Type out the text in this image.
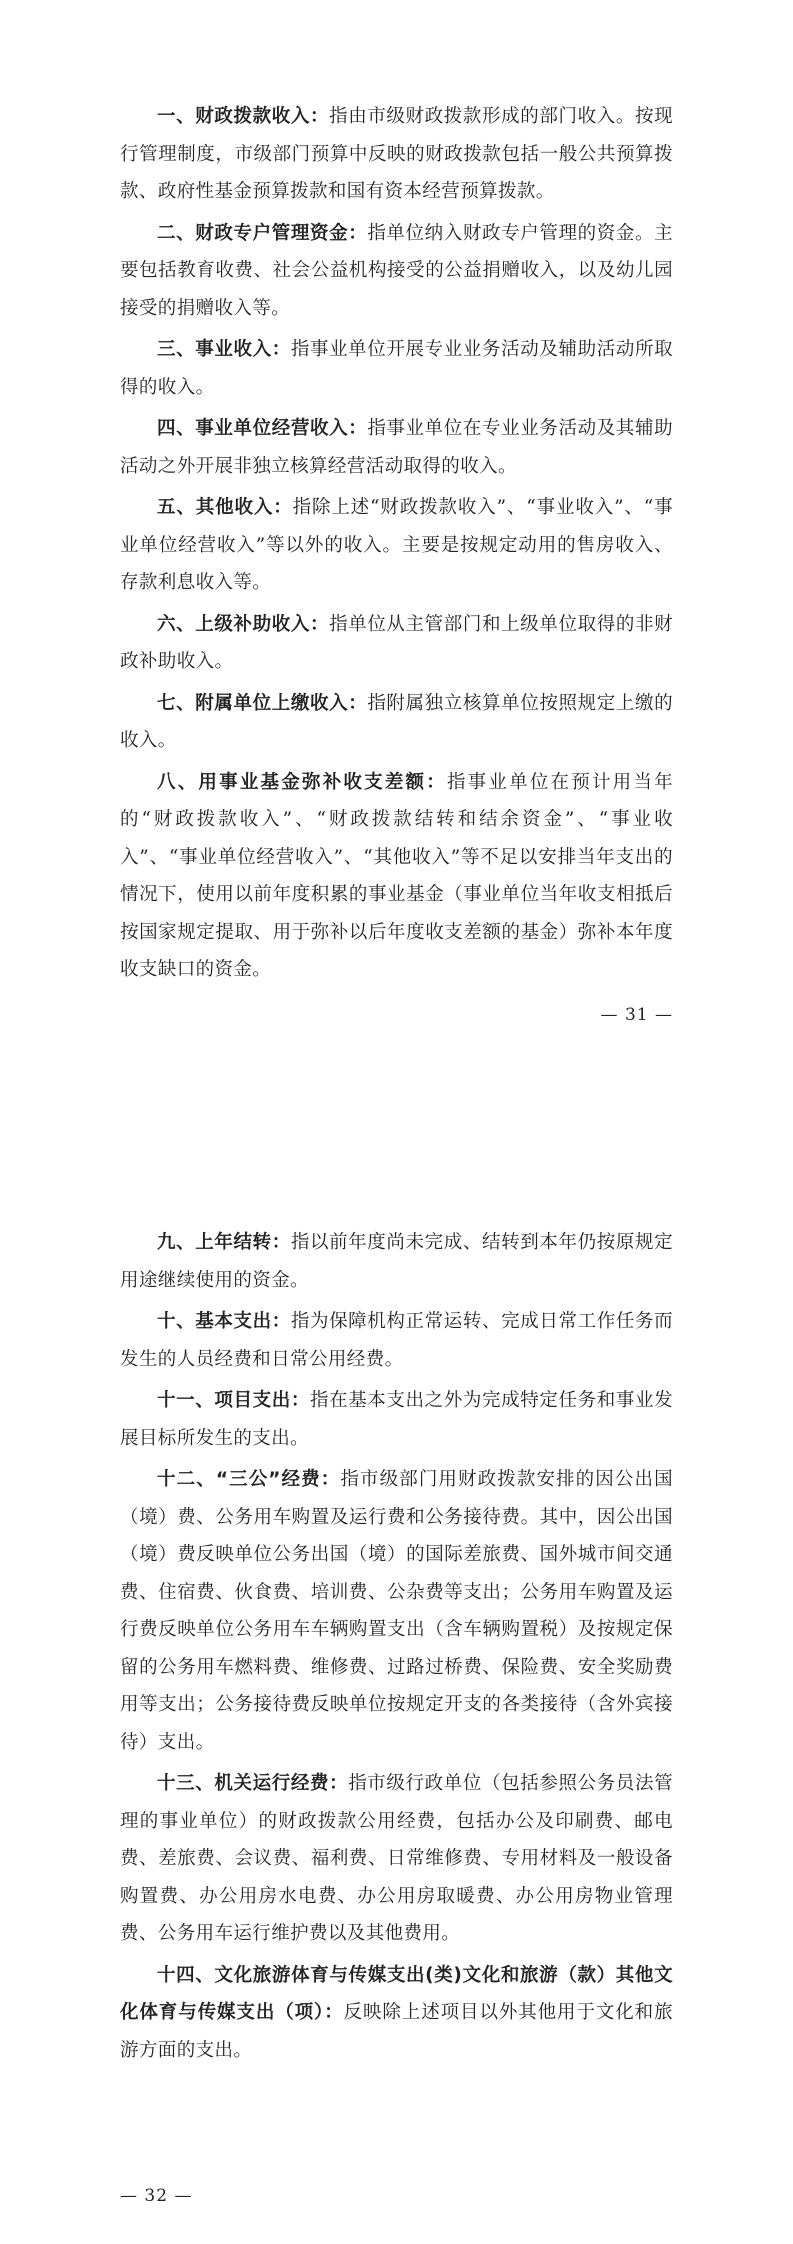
一、财政拨款收入：指由市级财政拨款形成的部门收入。按现行管理制度，市级部门预算中反映的财政拨款包括一般公共预算拨款、政府性基金预算拨款和国有资本经营预算拨款。

二、财政专户管理资金：指单位纳入财政专户管理的资金。主要包括教育收费、社会公益机构接受的公益捐赠收入，以及幼儿园接受的捐赠收入等。

三、事业收入：指事业单位开展专业业务活动及辅助活动所取得的收入。

四、事业单位经营收入：指事业单位在专业业务活动及其辅助活动之外开展非独立核算经营活动取得的收入。

五、其他收入：指除上述“财政拨款收入”、“事业收入”、“事业单位经营收入”等以外的收入。主要是按规定动用的售房收入、存款利息收入等。

六、上级补助收入：指单位从主管部门和上级单位取得的非财政补助收入。

七、附属单位上缴收入：指附属独立核算单位按照规定上缴的收入。

八、用事业基金弥补收支差额：指事业单位在预计用当年的“财政拨款收入”、“财政拨款结转和结余资金”、“事业收入”、“事业单位经营收入”、“其他收入”等不足以安排当年支出的情况下，使用以前年度积累的事业基金（事业单位当年收支相抵后按国家规定提取、用于弥补以后年度收支差额的基金）弥补本年度收支缺口的资金。

— 31 —

九、上年结转：指以前年度尚未完成、结转到本年仍按原规定用途继续使用的资金。

十、基本支出：指为保障机构正常运转、完成日常工作任务而发生的人员经费和日常公用经费。

十一、项目支出：指在基本支出之外为完成特定任务和事业发展目标所发生的支出。

十二、“三公”经费：指市级部门用财政拨款安排的因公出国（境）费、公务用车购置及运行费和公务接待费。其中，因公出国（境）费反映单位公务出国（境）的国际差旅费、国外城市间交通费、住宿费、伙食费、培训费、公杂费等支出；公务用车购置及运行费反映单位公务用车车辆购置支出（含车辆购置税）及按规定保留的公务用车燃料费、维修费、过路过桥费、保险费、安全奖励费用等支出；公务接待费反映单位按规定开支的各类接待（含外宾接待）支出。

十三、机关运行经费：指市级行政单位（包括参照公务员法管理的事业单位）的财政拨款公用经费，包括办公及印刷费、邮电费、差旅费、会议费、福利费、日常维修费、专用材料及一般设备购置费、办公用房水电费、办公用房取暖费、办公用房物业管理费、公务用车运行维护费以及其他费用。

十四、文化旅游体育与传媒支出(类)文化和旅游（款）其他文化体育与传媒支出（项）：反映除上述项目以外其他用于文化和旅游方面的支出。

— 32 —
